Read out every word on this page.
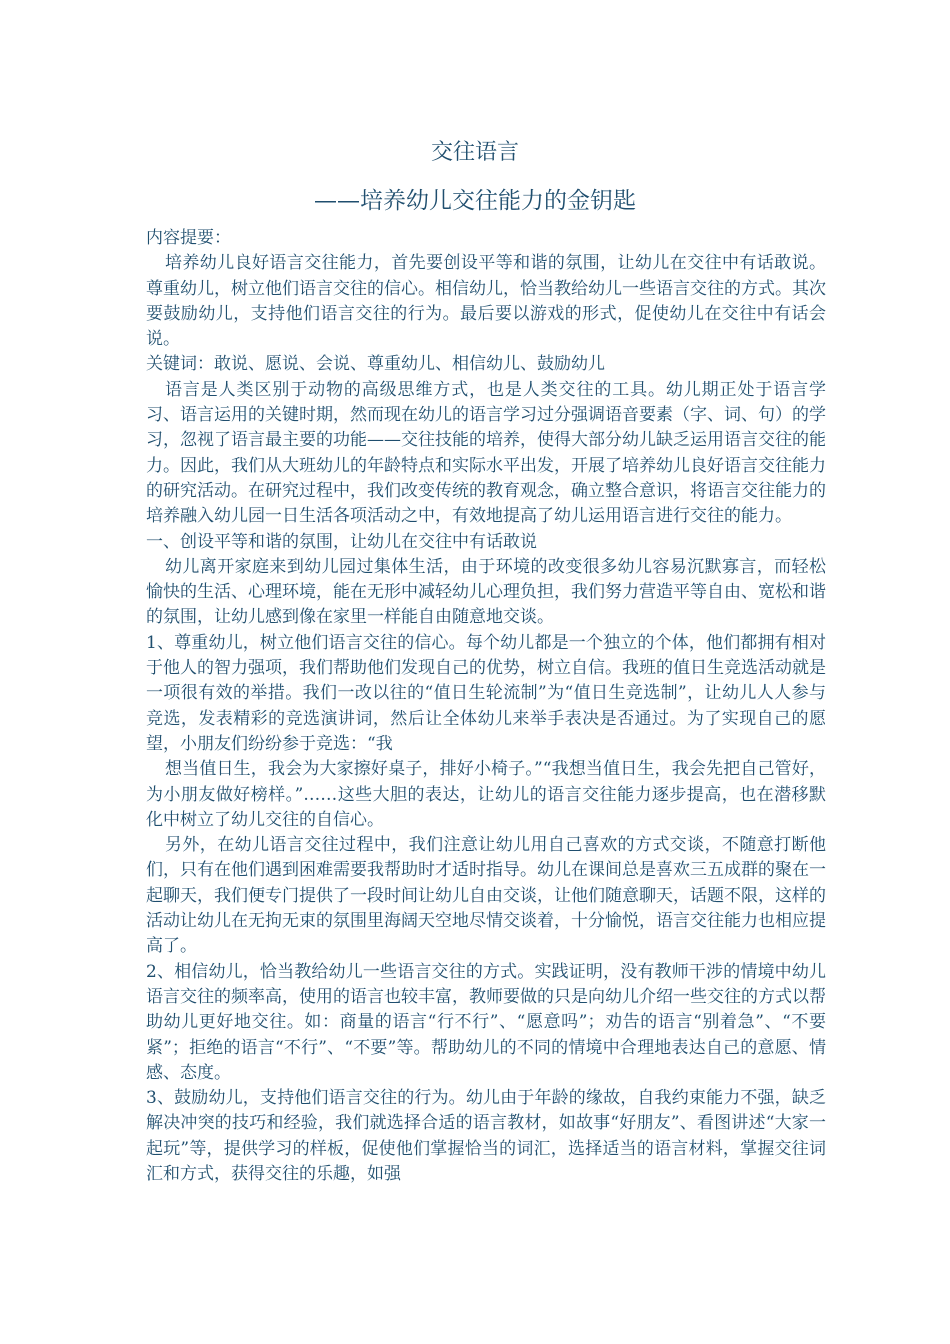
交往语言
——培养幼儿交往能力的金钥匙

内容提要：

培养幼儿良好语言交往能力，首先要创设平等和谐的氛围，让幼儿在交往中有话敢说。尊重幼儿，树立他们语言交往的信心。相信幼儿，恰当教给幼儿一些语言交往的方式。其次要鼓励幼儿，支持他们语言交往的行为。最后要以游戏的形式，促使幼儿在交往中有话会说。

关键词：敢说、愿说、会说、尊重幼儿、相信幼儿、鼓励幼儿

语言是人类区别于动物的高级思维方式，也是人类交往的工具。幼儿期正处于语言学习、语言运用的关键时期，然而现在幼儿的语言学习过分强调语音要素（字、词、句）的学习，忽视了语言最主要的功能——交往技能的培养，使得大部分幼儿缺乏运用语言交往的能力。因此，我们从大班幼儿的年龄特点和实际水平出发，开展了培养幼儿良好语言交往能力的研究活动。在研究过程中，我们改变传统的教育观念，确立整合意识，将语言交往能力的培养融入幼儿园一日生活各项活动之中，有效地提高了幼儿运用语言进行交往的能力。

一、创设平等和谐的氛围，让幼儿在交往中有话敢说

幼儿离开家庭来到幼儿园过集体生活，由于环境的改变很多幼儿容易沉默寡言，而轻松愉快的生活、心理环境，能在无形中减轻幼儿心理负担，我们努力营造平等自由、宽松和谐的氛围，让幼儿感到像在家里一样能自由随意地交谈。

1、尊重幼儿，树立他们语言交往的信心。每个幼儿都是一个独立的个体，他们都拥有相对于他人的智力强项，我们帮助他们发现自己的优势，树立自信。我班的值日生竞选活动就是一项很有效的举措。我们一改以往的“值日生轮流制”为“值日生竞选制”，让幼儿人人参与竞选，发表精彩的竞选演讲词，然后让全体幼儿来举手表决是否通过。为了实现自己的愿望，小朋友们纷纷参于竞选：“我

想当值日生，我会为大家擦好桌子，排好小椅子。”“我想当值日生，我会先把自己管好，为小朋友做好榜样。”……这些大胆的表达，让幼儿的语言交往能力逐步提高，也在潜移默化中树立了幼儿交往的自信心。

另外，在幼儿语言交往过程中，我们注意让幼儿用自己喜欢的方式交谈，不随意打断他们，只有在他们遇到困难需要我帮助时才适时指导。幼儿在课间总是喜欢三五成群的聚在一起聊天，我们便专门提供了一段时间让幼儿自由交谈，让他们随意聊天，话题不限，这样的活动让幼儿在无拘无束的氛围里海阔天空地尽情交谈着，十分愉悦，语言交往能力也相应提高了。

2、相信幼儿，恰当教给幼儿一些语言交往的方式。实践证明，没有教师干涉的情境中幼儿语言交往的频率高，使用的语言也较丰富，教师要做的只是向幼儿介绍一些交往的方式以帮助幼儿更好地交往。如：商量的语言“行不行”、“愿意吗”；劝告的语言“别着急”、“不要紧”；拒绝的语言“不行”、“不要”等。帮助幼儿的不同的情境中合理地表达自己的意愿、情感、态度。

3、鼓励幼儿，支持他们语言交往的行为。幼儿由于年龄的缘故，自我约束能力不强，缺乏解决冲突的技巧和经验，我们就选择合适的语言教材，如故事“好朋友”、看图讲述“大家一起玩”等，提供学习的样板，促使他们掌握恰当的词汇，选择适当的语言材料，掌握交往词汇和方式，获得交往的乐趣，如强
